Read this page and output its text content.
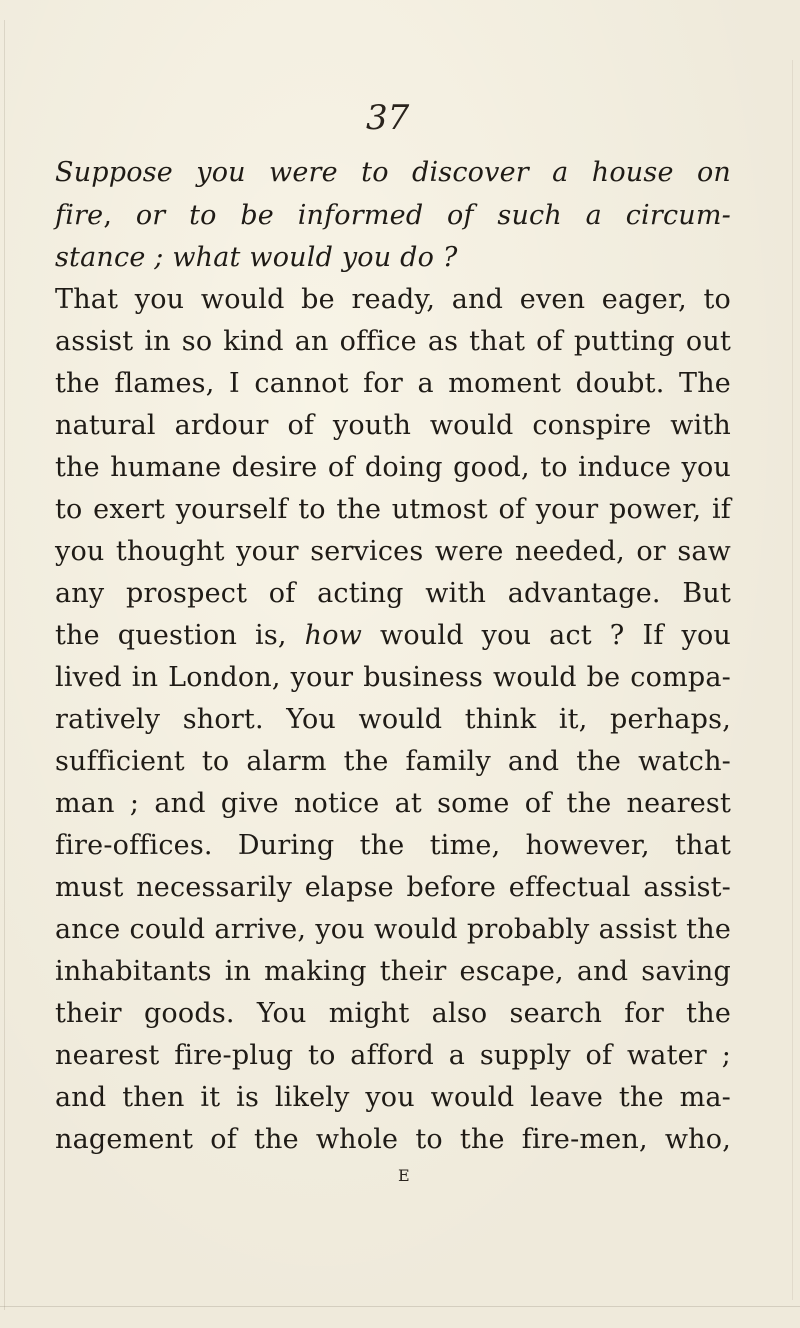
37
Suppose you were to discover a house on
fire, or to be informed of such a circum-
stance ; what would you do ?
That you would be ready, and even eager, to
assist in so kind an office as that of putting out
the flames, I cannot for a moment doubt. The
natural ardour of youth would conspire with
the humane desire of doing good, to induce you
to exert yourself to the utmost of your power, if
you thought your services were needed, or saw
any prospect of acting with advantage. But
the question is, how would you act ? If you
lived in London, your business would be compa-
ratively short. You would think it, perhaps,
sufficient to alarm the family and the watch-
man ; and give notice at some of the nearest
fire-offices. During the time, however, that
must necessarily elapse before effectual assist-
ance could arrive, you would probably assist the
inhabitants in making their escape, and saving
their goods. You might also search for the
nearest fire-plug to afford a supply of water ;
and then it is likely you would leave the ma-
nagement of the whole to the fire-men, who,
E
